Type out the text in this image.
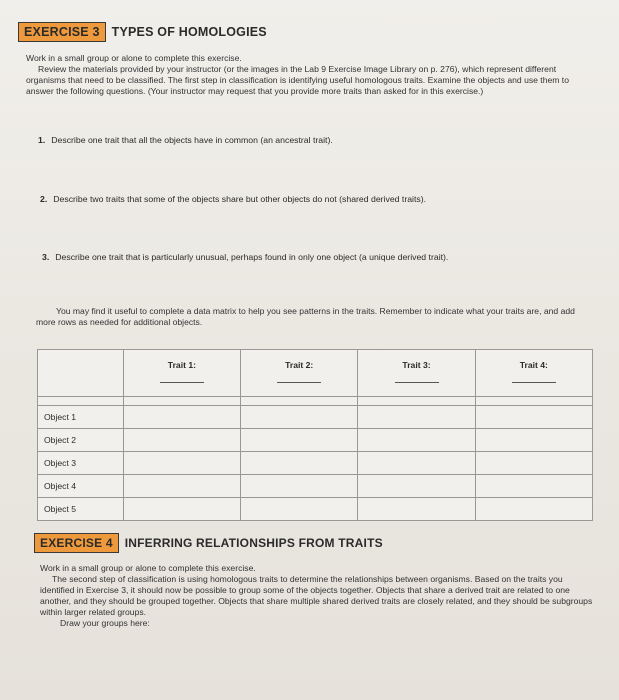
EXERCISE 3 TYPES OF HOMOLOGIES

Work in a small group or alone to complete this exercise.

Review the materials provided by your instructor (or the images in the Lab 9 Exercise Image Library on p. 276), which represent different organisms that need to be classified. The first step in classification is identifying useful homologous traits. Examine the objects and use them to answer the following questions. (Your instructor may request that you provide more traits than asked for in this exercise.)

1. Describe one trait that all the objects have in common (an ancestral trait).
2. Describe two traits that some of the objects share but other objects do not (shared derived traits).
3. Describe one trait that is particularly unusual, perhaps found in only one object (a unique derived trait).
You may find it useful to complete a data matrix to help you see patterns in the traits. Remember to indicate what your traits are, and add more rows as needed for additional objects.
	Trait 1:	Trait 2:	Trait 3:	Trait 4:

Object 1				
Object 2				
Object 3				
Object 4				
Object 5				
EXERCISE 4	INFERRING RELATIONSHIPS FROM TRAITS

Work in a small group or alone to complete this exercise.

The second step of classification is using homologous traits to determine the relationships between organisms. Based on the traits you identified in Exercise 3, it should now be possible to group some of the objects together. Objects that share a derived trait are related to one another, and they should be grouped together. Objects that share multiple shared derived traits are closely related, and they should be subgroups within larger related groups.

Draw your groups here:
